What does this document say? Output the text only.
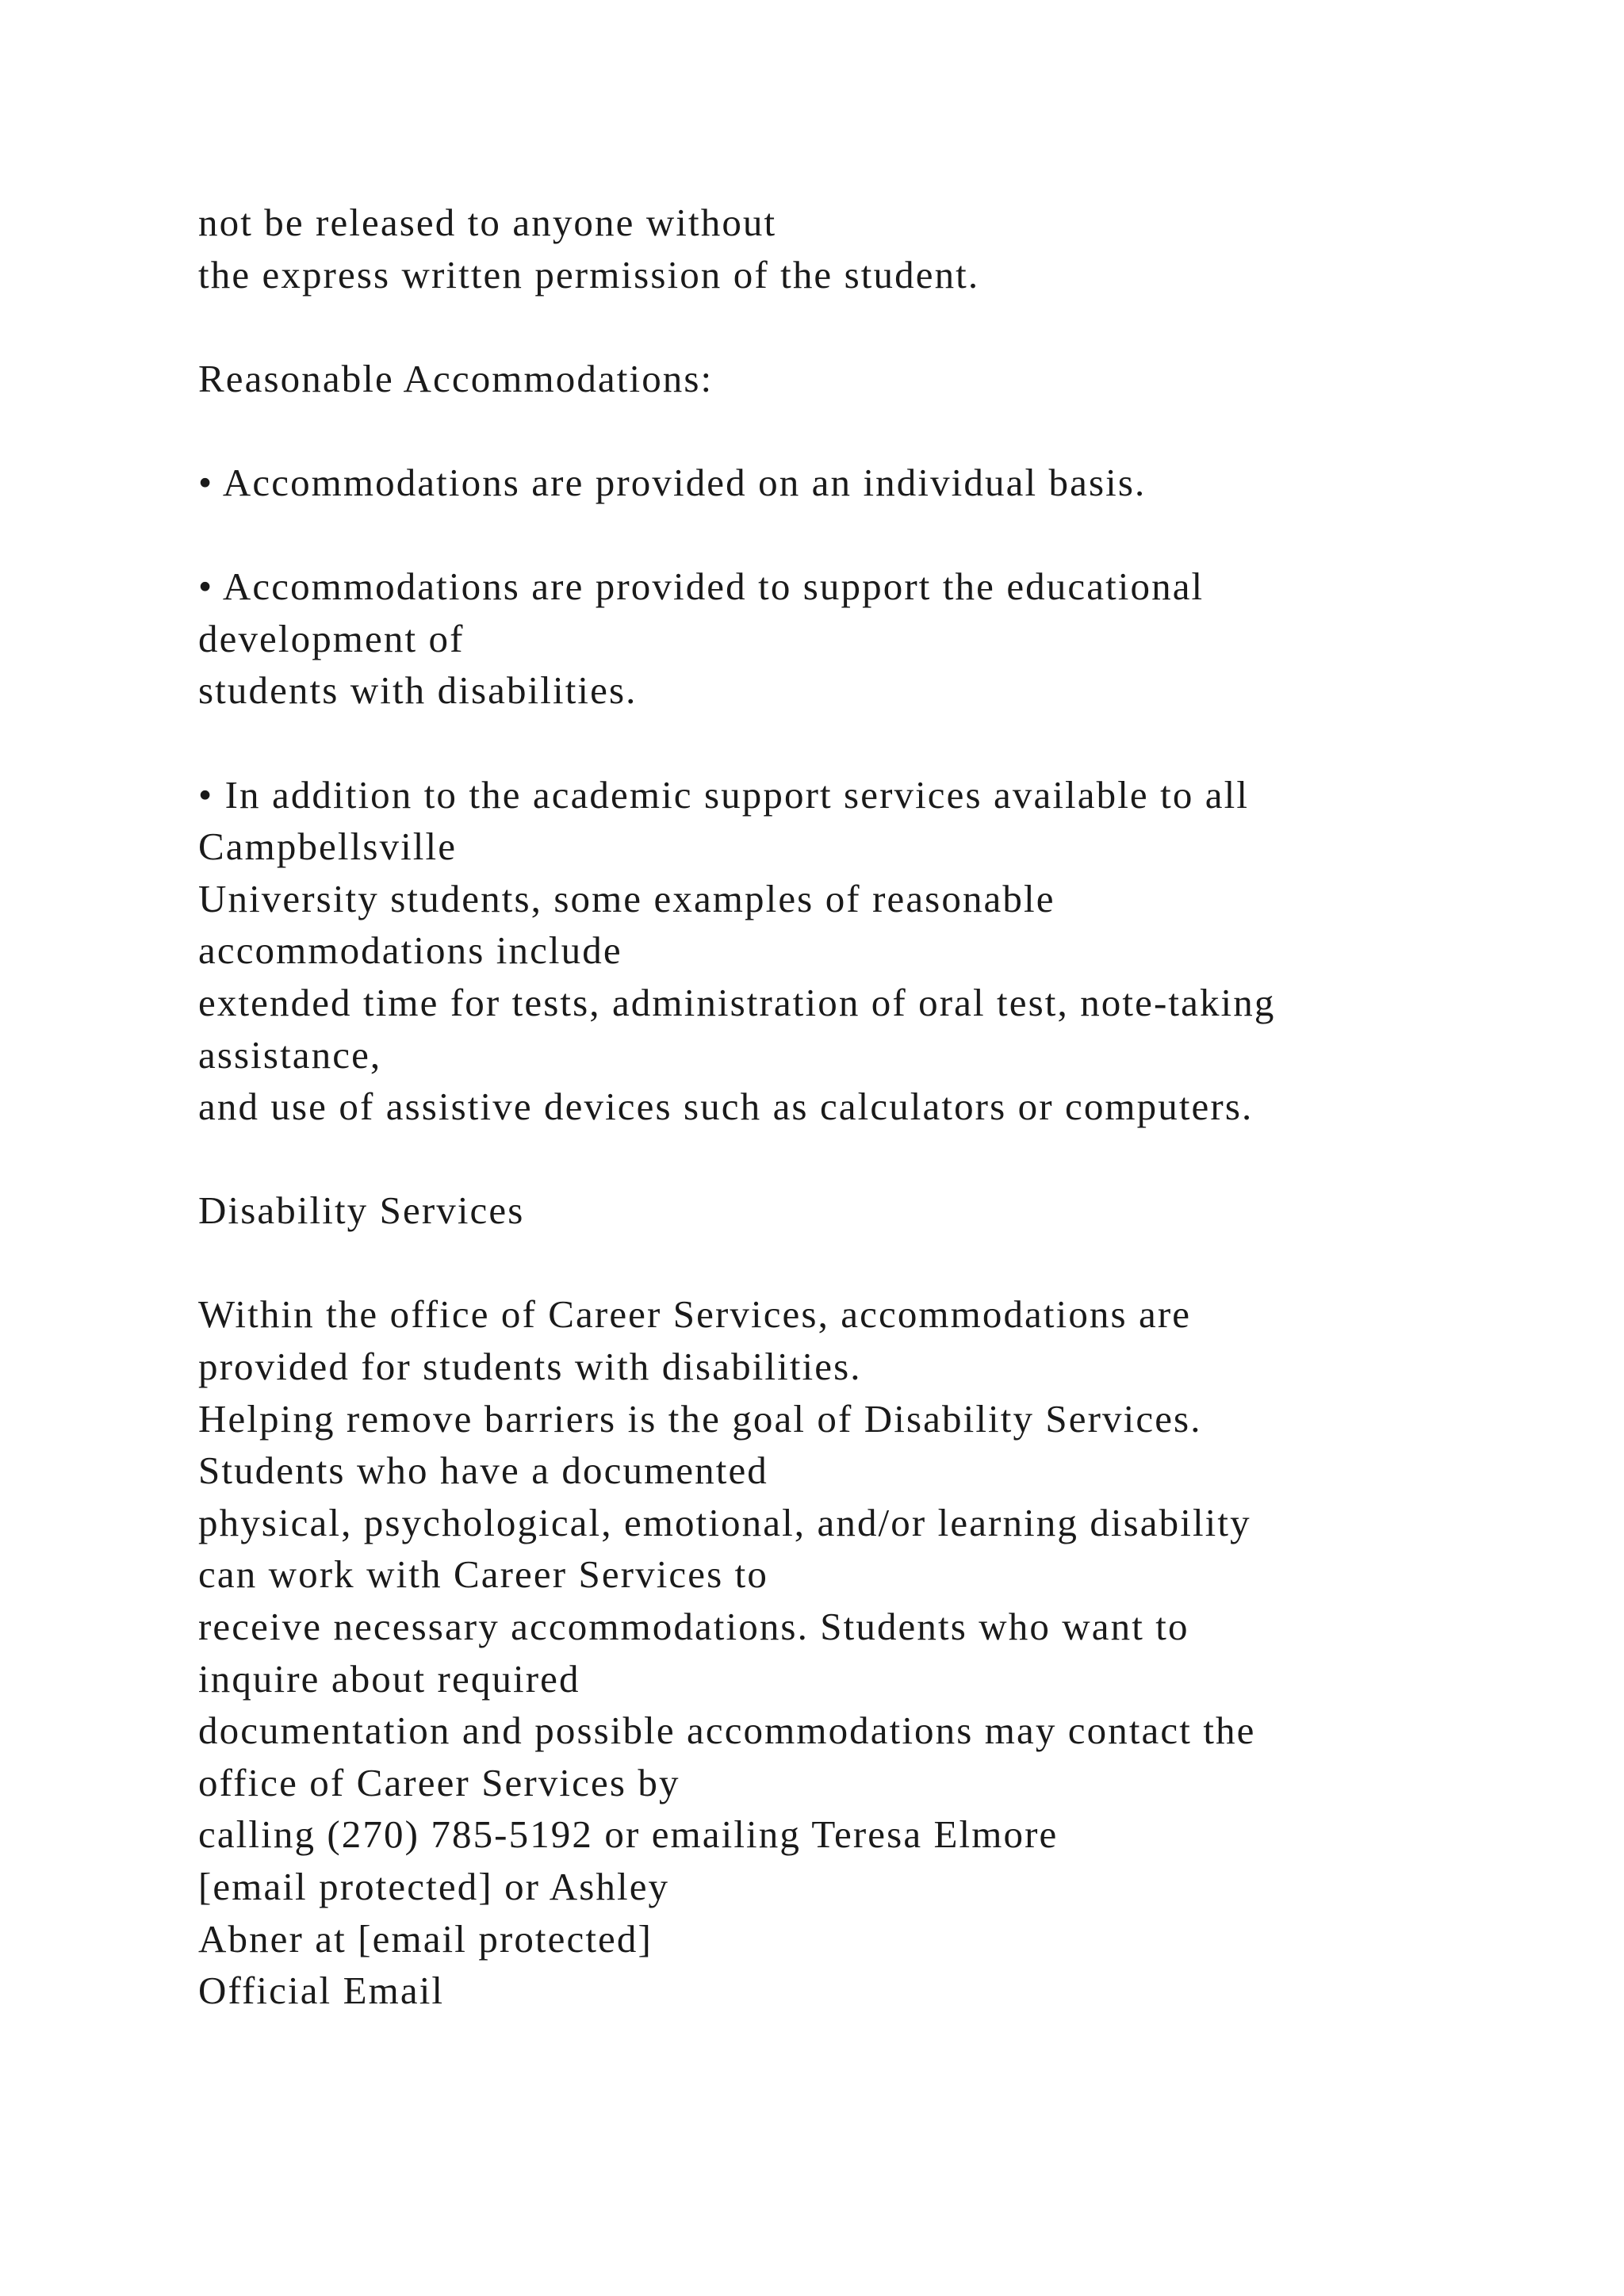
not be released to anyone without
the express written permission of the student.
Reasonable Accommodations:
• Accommodations are provided on an individual basis.
• Accommodations are provided to support the educational
development of
students with disabilities.
• In addition to the academic support services available to all
Campbellsville
University students, some examples of reasonable
accommodations include
extended time for tests, administration of oral test, note-taking
assistance,
and use of assistive devices such as calculators or computers.
Disability Services
Within the office of Career Services, accommodations are
provided for students with disabilities.
Helping remove barriers is the goal of Disability Services.
Students who have a documented
physical, psychological, emotional, and/or learning disability
can work with Career Services to
receive necessary accommodations. Students who want to
inquire about required
documentation and possible accommodations may contact the
office of Career Services by
calling (270) 785-5192 or emailing Teresa Elmore
[email protected] or Ashley
Abner at [email protected]
Official Email
